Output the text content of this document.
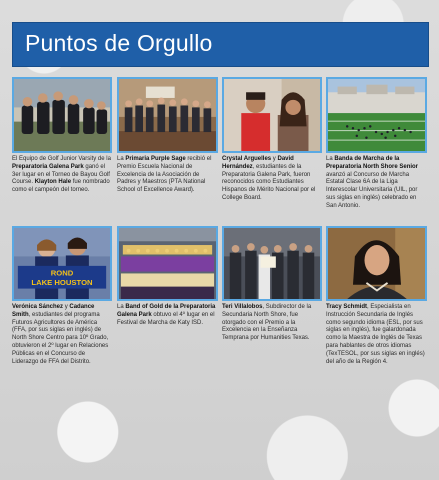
Puntos de Orgullo
El Equipo de Golf Junior Varsity de la Preparatoria Galena Park ganó el 3er lugar en el Torneo de Bayou Golf Course. Klayton Hale fue nombrado como el campeón del torneo.
La Primaria Purple Sage recibió el Premio Escuela Nacional de Excelencia de la Asociación de Padres y Maestros (PTA National School of Excellence Award).
Crystal Arguelles y David Hernández, estudiantes de la Preparatoria Galena Park, fueron reconocidos como Estudiantes Hispanos de Mérito Nacional por el College Board.
La Banda de Marcha de la Preparatoria North Shore Senior avanzó al Concurso de Marcha Estatal Clase 6A de la Liga Interescolar Universitaria (UIL, por sus siglas en inglés) celebrado en San Antonio.
ROND
LAKE HOUSTON
Verónica Sánchez y Cadance Smith, estudiantes del programa Futuros Agricultores de América (FFA, por sus siglas en inglés) de North Shore Centro para 10º Grado, obtuvieron el 2º lugar en Relaciones Públicas en el Concurso de Liderazgo de FFA del Distrito.
La Band of Gold de la Preparatoria Galena Park obtuvo el 4º lugar en el Festival de Marcha de Katy ISD.
Teri Villalobos, Subdirector de la Secundaria North Shore, fue otorgado con el Premio a la Excelencia en la Enseñanza Temprana por Humanities Texas.
Tracy Schmidt, Especialista en Instrucción Secundaria de Inglés como segundo idioma (ESL, por sus siglas en inglés), fue galardonada como la Maestra de Inglés de Texas para hablantes de otros idiomas (TexTESOL, por sus siglas en inglés) del año de la Región 4.
